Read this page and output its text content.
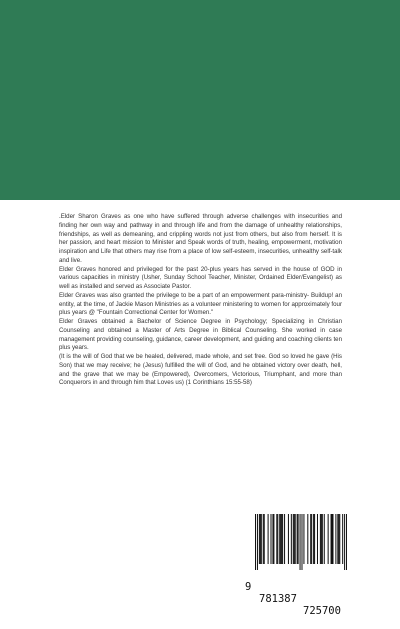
.Elder Sharon Graves as one who have suffered through adverse challenges with insecurities and finding her own way and pathway in and through life and from the damage of unhealthy relationships, friendships, as well as demeaning, and crippling words not just from others, but also from herself. It is her passion, and heart mission to Minister and Speak words of truth, healing, empowerment, motivation inspiration and Life that others may rise from a place of low self-esteem, insecurities, unhealthy self-talk and live.

Elder Graves honored and privileged for the past 20-plus years has served in the house of GOD in various capacities in ministry (Usher, Sunday School Teacher, Minister, Ordained Elder/Evangelist) as well as installed and served as Associate Pastor.

Elder Graves was also granted the privilege to be a part of an empowerment para-ministry- Buildup! an entity, at the time, of Jackie Mason Ministries as a volunteer ministering to women for approximately four plus years @ "Fountain Correctional Center for Women."

Elder Graves obtained a Bachelor of Science Degree in Psychology; Specializing in Christian Counseling and obtained a Master of Arts Degree in Biblical Counseling. She worked in case management providing counseling, guidance, career development, and guiding and coaching clients ten plus years.

(It is the will of God that we be healed, delivered, made whole, and set free. God so loved he gave (His Son) that we may receive; he (Jesus) fulfilled the will of God, and he obtained victory over death, hell, and the grave that we may be (Empowered), Overcomers, Victorious, Triumphant, and more than Conquerors in and through him that Loves us) (1 Corinthians 15:55-58)

9

781387

725700
